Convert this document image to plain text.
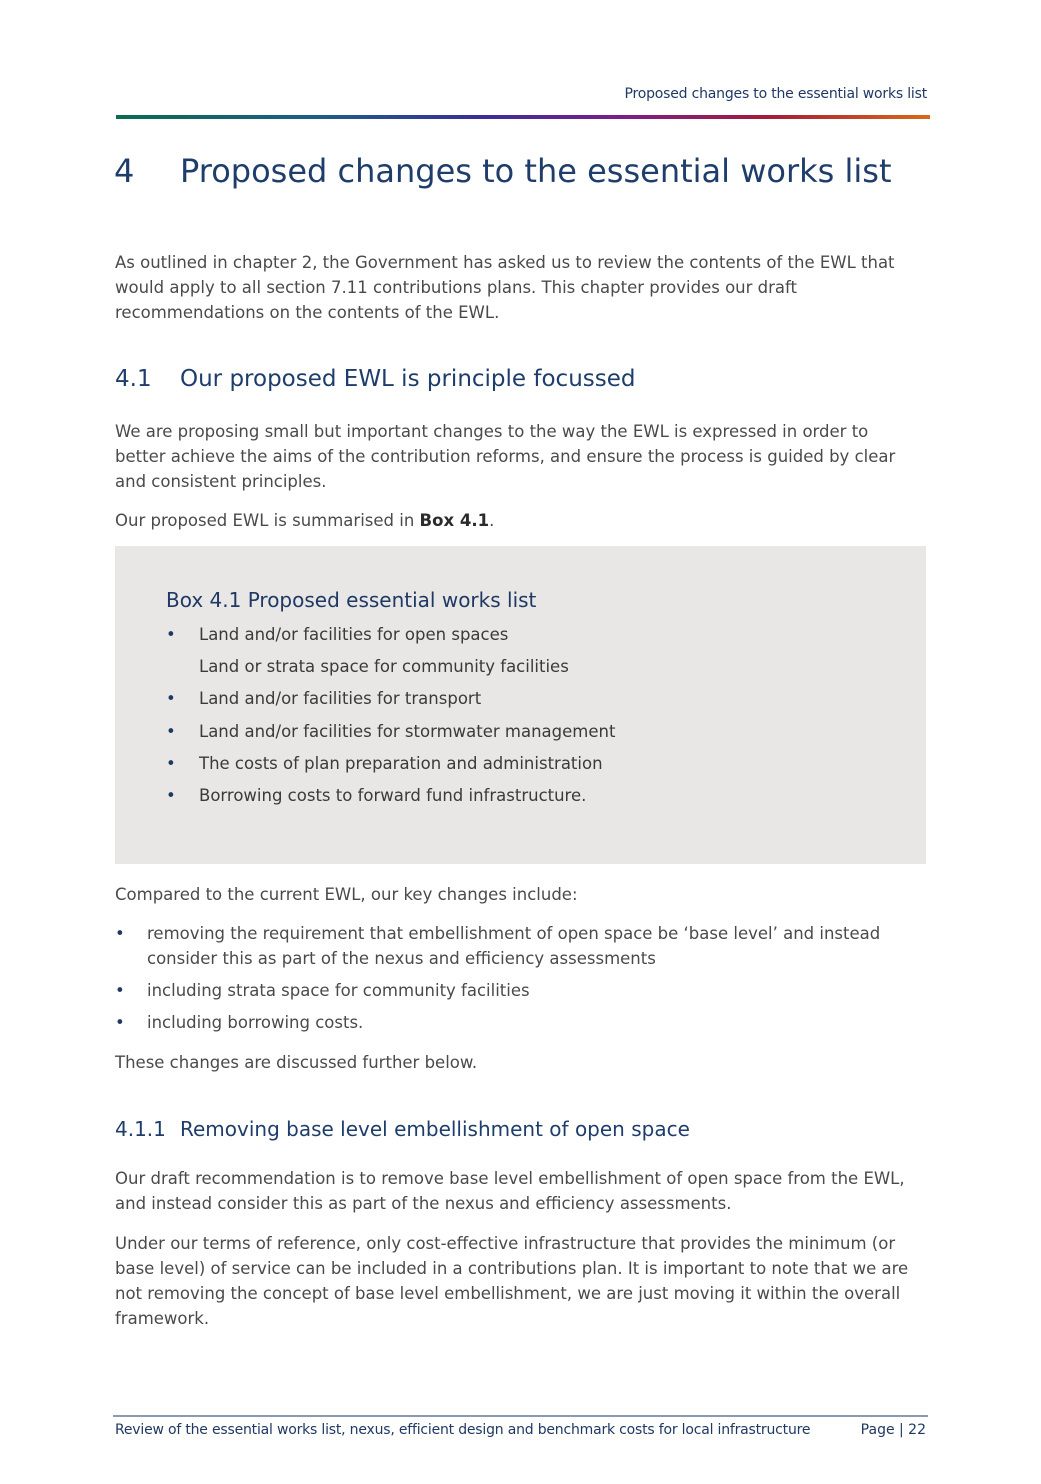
Proposed changes to the essential works list
4 Proposed changes to the essential works list

As outlined in chapter 2, the Government has asked us to review the contents of the EWL that would apply to all section 7.11 contributions plans. This chapter provides our draft recommendations on the contents of the EWL.

4.1 Our proposed EWL is principle focussed

We are proposing small but important changes to the way the EWL is expressed in order to better achieve the aims of the contribution reforms, and ensure the process is guided by clear and consistent principles.

Our proposed EWL is summarised in Box 4.1.

Box 4.1 Proposed essential works list
• Land and/or facilities for open spaces
Land or strata space for community facilities
• Land and/or facilities for transport
• Land and/or facilities for stormwater management
• The costs of plan preparation and administration
• Borrowing costs to forward fund infrastructure.

Compared to the current EWL, our key changes include:

• removing the requirement that embellishment of open space be ‘base level’ and instead consider this as part of the nexus and efficiency assessments
• including strata space for community facilities
• including borrowing costs.

These changes are discussed further below.

4.1.1 Removing base level embellishment of open space

Our draft recommendation is to remove base level embellishment of open space from the EWL, and instead consider this as part of the nexus and efficiency assessments.

Under our terms of reference, only cost-effective infrastructure that provides the minimum (or base level) of service can be included in a contributions plan. It is important to note that we are not removing the concept of base level embellishment, we are just moving it within the overall framework.

Review of the essential works list, nexus, efficient design and benchmark costs for local infrastructure	Page | 22
